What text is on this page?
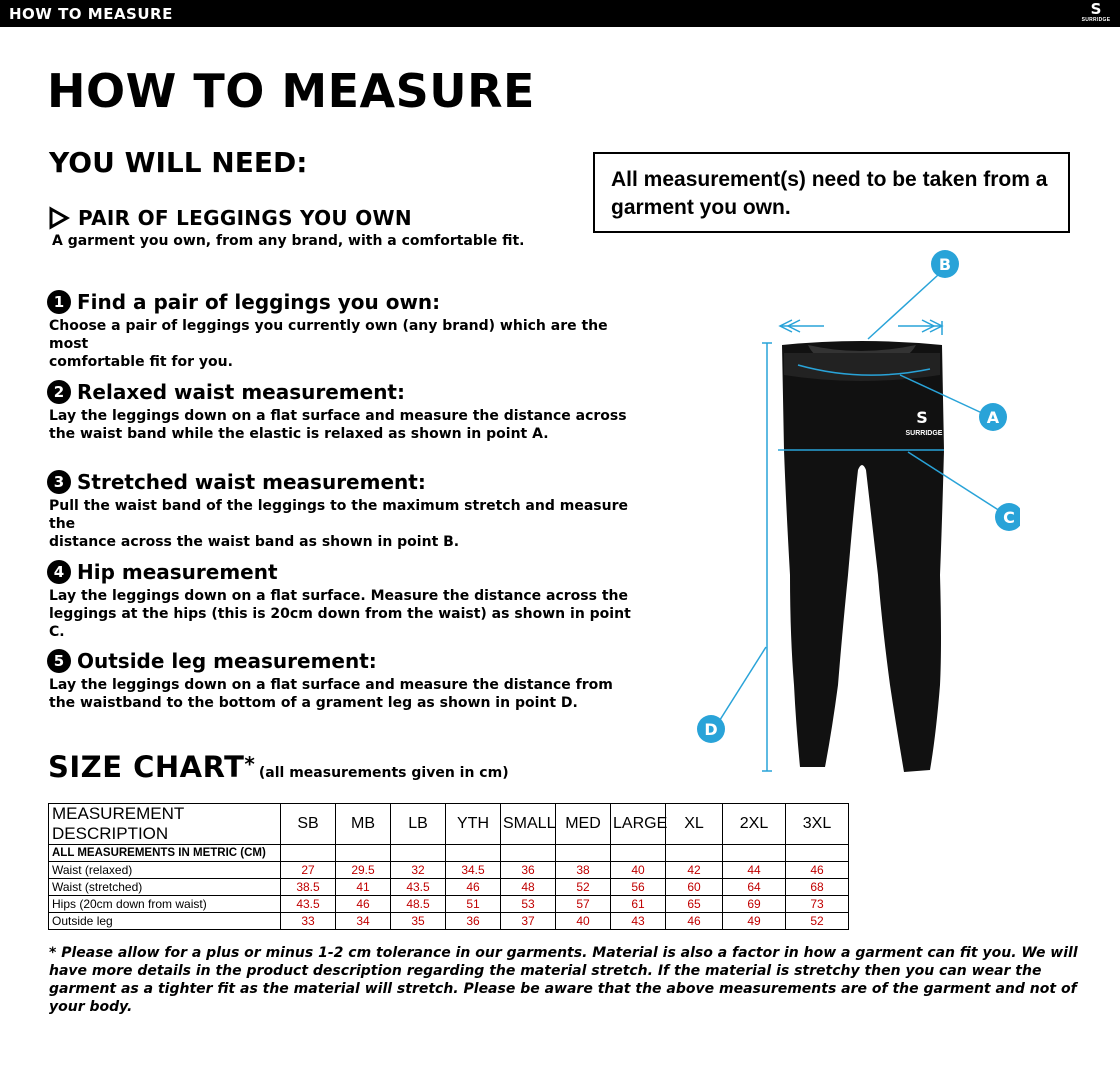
HOW TO MEASURE	S
SURRIDGE
HOW TO MEASURE
YOU WILL NEED:
PAIR OF LEGGINGS YOU OWN
A garment you own, from any brand, with a comfortable fit.
1 Find a pair of leggings you own:
Choose a pair of leggings you currently own (any brand) which are the most
comfortable fit for you.
2 Relaxed waist measurement:
Lay the leggings down on a flat surface and measure the distance across
the waist band while the elastic is relaxed as shown in point A.
3 Stretched waist measurement:
Pull the waist band of the leggings to the maximum stretch and measure the
distance across the waist band as shown in point B.
4 Hip measurement
Lay the leggings down on a flat surface. Measure the distance across the
leggings at the hips (this is 20cm down from the waist) as shown in point C.
5 Outside leg measurement:
Lay the leggings down on a flat surface and measure the distance from
the waistband to the bottom of a grament leg as shown in point D.
All measurement(s) need to be taken from a garment you own.
S
SURRIDGE
B
A
C
D
SIZE CHART * (all measurements given in cm)
MEASUREMENT DESCRIPTION	SB	MB	LB	YTH	SMALL	MED	LARGE	XL	2XL	3XL
ALL MEASUREMENTS IN METRIC (CM)										
Waist (relaxed)	27	29.5	32	34.5	36	38	40	42	44	46
Waist (stretched)	38.5	41	43.5	46	48	52	56	60	64	68
Hips (20cm down from waist)	43.5	46	48.5	51	53	57	61	65	69	73
Outside leg	33	34	35	36	37	40	43	46	49	52
* Please allow for a plus or minus 1-2 cm tolerance in our garments. Material is also a factor in how a garment can fit you. We will have more details in the product description regarding the material stretch. If the material is stretchy then you can wear the garment as a tighter fit as the material will stretch. Please be aware that the above measurements are of the garment and not of your body.
